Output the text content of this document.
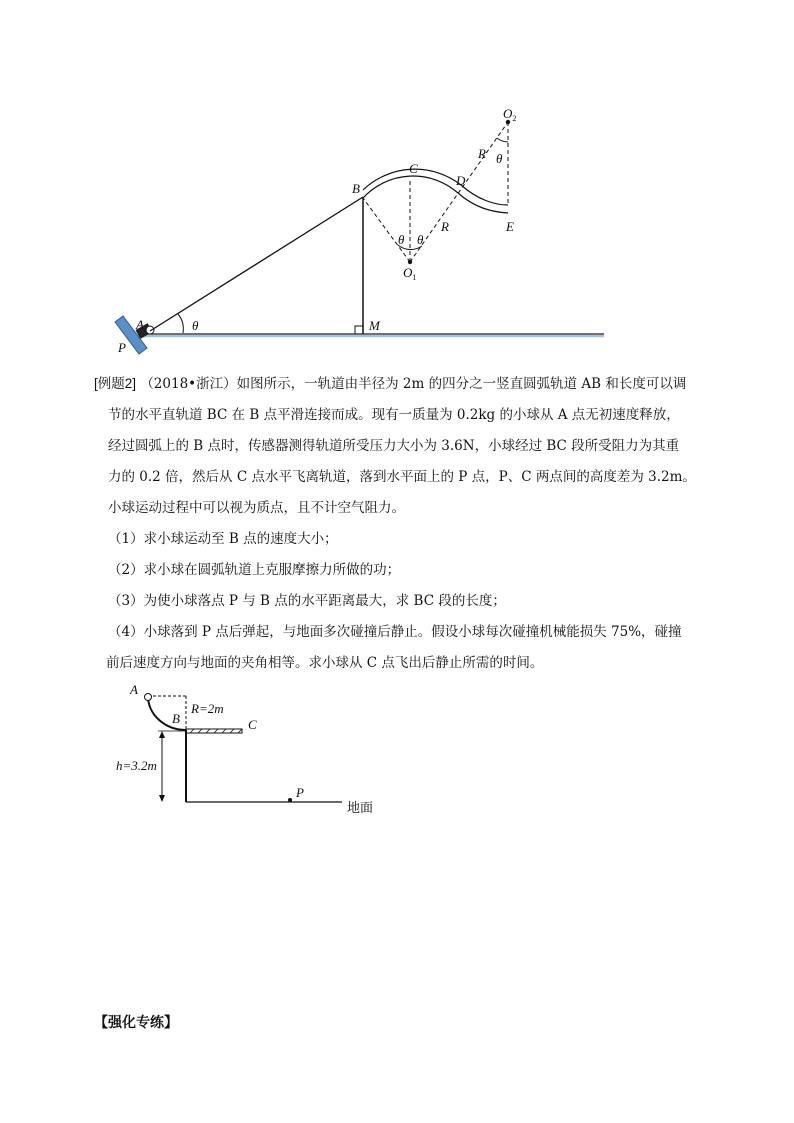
P
A	θ
B
M
C
D
E
R
R
θ θ
θ
$O_1$
$O_2$

[例题2] （2018•浙江）如图所示，一轨道由半径为 2m 的四分之一竖直圆弧轨道 AB 和长度可以调

节的水平直轨道 BC 在 B 点平滑连接而成。现有一质量为 0.2kg 的小球从 A 点无初速度释放，

经过圆弧上的 B 点时，传感器测得轨道所受压力大小为 3.6N，小球经过 BC 段所受阻力为其重

力的 0.2 倍，然后从 C 点水平飞离轨道，落到水平面上的 P 点，P、C 两点间的高度差为 3.2m。

小球运动过程中可以视为质点，且不计空气阻力。

（1）求小球运动至 B 点的速度大小；

（2）求小球在圆弧轨道上克服摩擦力所做的功；

（3）为使小球落点 P 与 B 点的水平距离最大，求 BC 段的长度；

（4）小球落到 P 点后弹起，与地面多次碰撞后静止。假设小球每次碰撞机械能损失 75%，碰撞

前后速度方向与地面的夹角相等。求小球从 C 点飞出后静止所需的时间。

A
B	C
P
R=2m
h=3.2m
地面
【强化专练】
